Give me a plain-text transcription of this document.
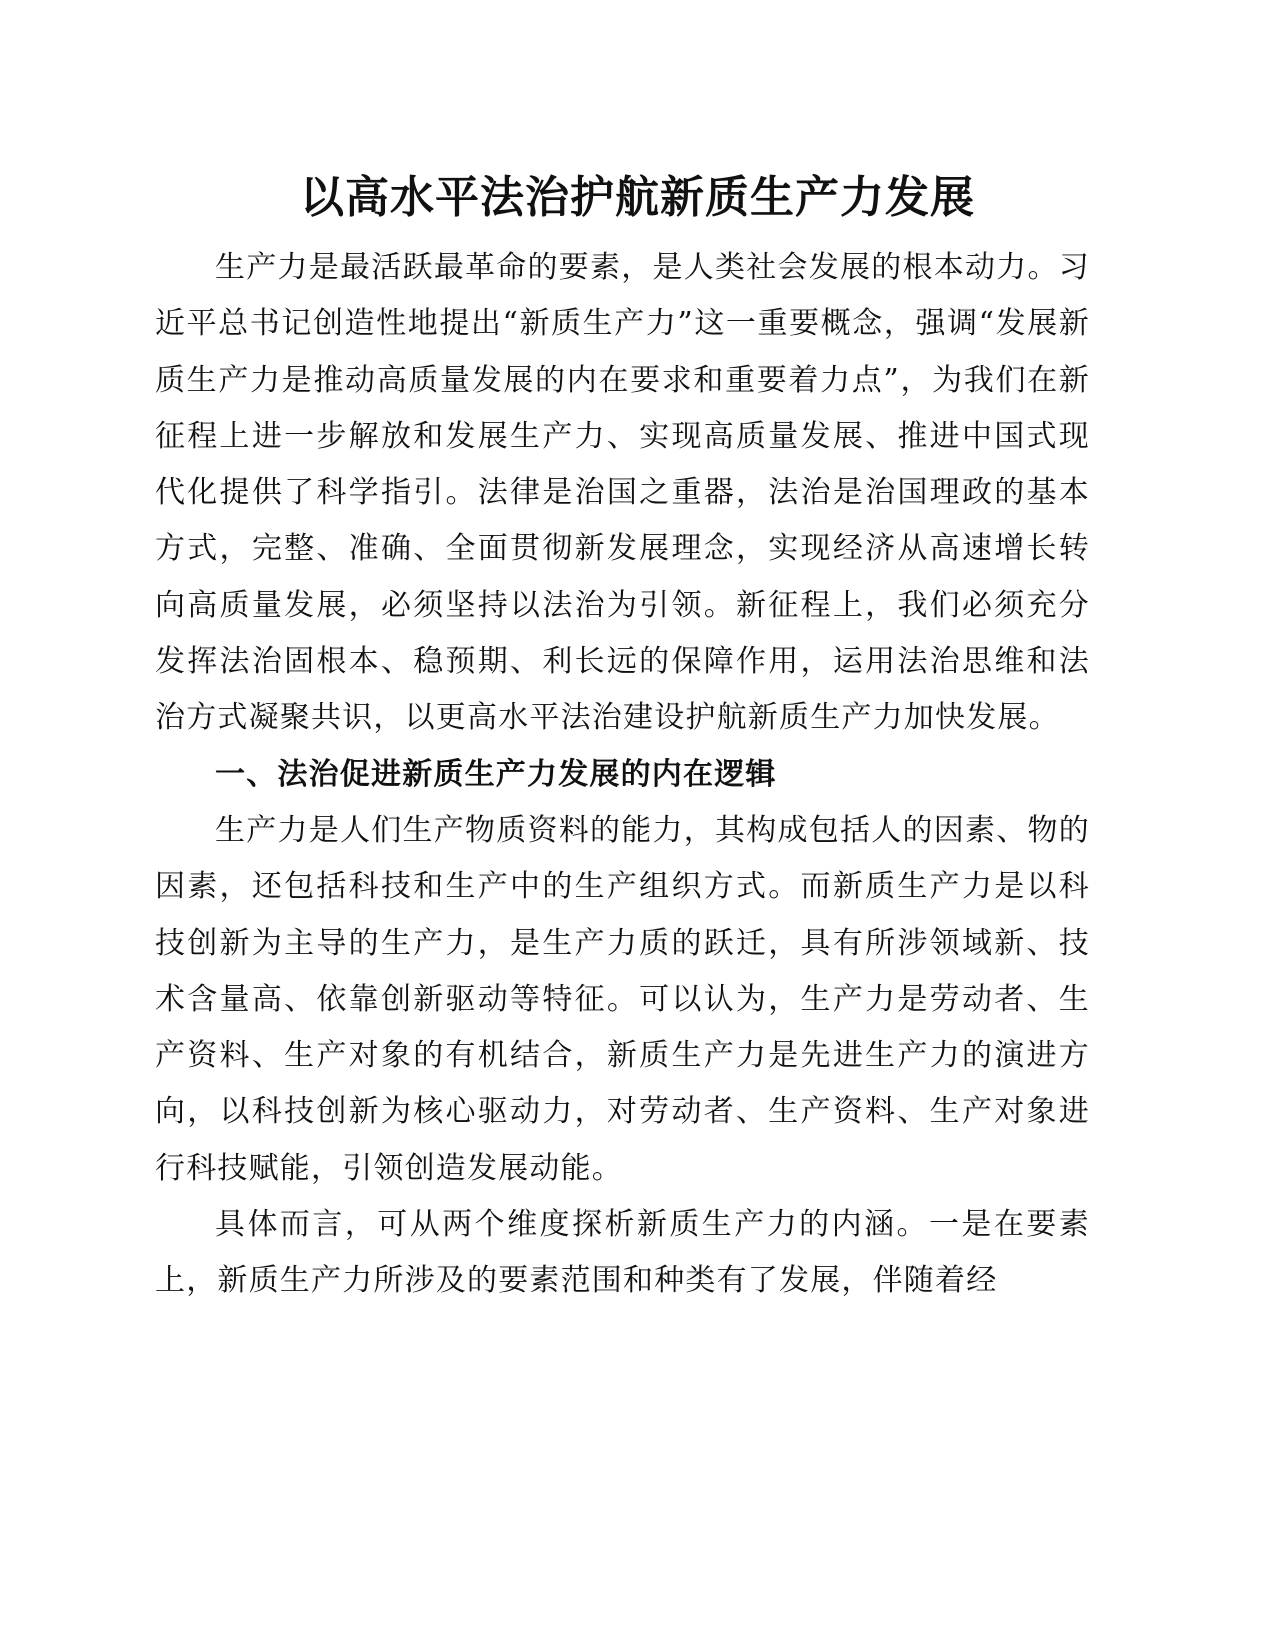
以高水平法治护航新质生产力发展

生产力是最活跃最革命的要素，是人类社会发展的根本动力。习近平总书记创造性地提出“新质生产力”这一重要概念，强调“发展新质生产力是推动高质量发展的内在要求和重要着力点”，为我们在新征程上进一步解放和发展生产力、实现高质量发展、推进中国式现代化提供了科学指引。法律是治国之重器，法治是治国理政的基本方式，完整、准确、全面贯彻新发展理念，实现经济从高速增长转向高质量发展，必须坚持以法治为引领。新征程上，我们必须充分发挥法治固根本、稳预期、利长远的保障作用，运用法治思维和法治方式凝聚共识，以更高水平法治建设护航新质生产力加快发展。

一、法治促进新质生产力发展的内在逻辑

生产力是人们生产物质资料的能力，其构成包括人的因素、物的因素，还包括科技和生产中的生产组织方式。而新质生产力是以科技创新为主导的生产力，是生产力质的跃迁，具有所涉领域新、技术含量高、依靠创新驱动等特征。可以认为，生产力是劳动者、生产资料、生产对象的有机结合，新质生产力是先进生产力的演进方向，以科技创新为核心驱动力，对劳动者、生产资料、生产对象进行科技赋能，引领创造发展动能。

具体而言，可从两个维度探析新质生产力的内涵。一是在要素上，新质生产力所涉及的要素范围和种类有了发展，伴随着经
